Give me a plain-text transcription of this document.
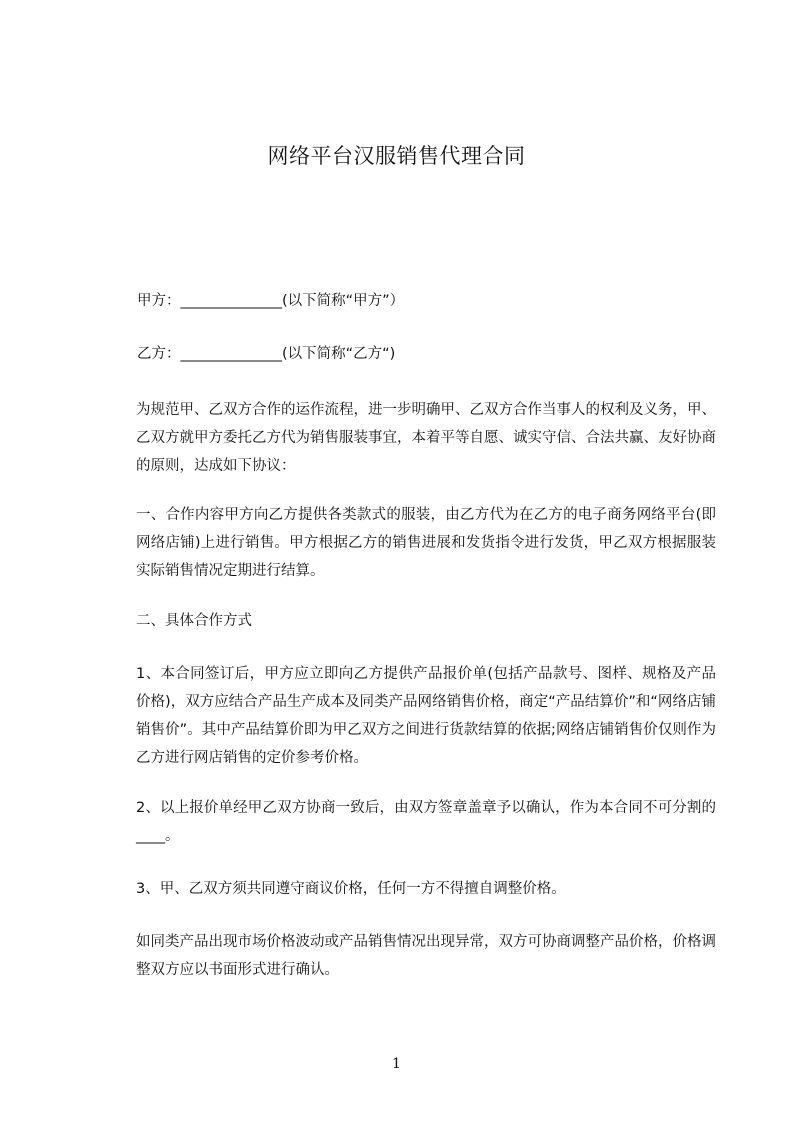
网络平台汉服销售代理合同
甲方：______________(以下简称“甲方”）
乙方：______________(以下简称“乙方“)

为规范甲、乙双方合作的运作流程，进一步明确甲、乙双方合作当事人的权利及义务，甲、乙双方就甲方委托乙方代为销售服装事宜，本着平等自愿、诚实守信、合法共赢、友好协商的原则，达成如下协议：

一、合作内容甲方向乙方提供各类款式的服装，由乙方代为在乙方的电子商务网络平台(即网络店铺)上进行销售。甲方根据乙方的销售进展和发货指令进行发货，甲乙双方根据服装实际销售情况定期进行结算。

二、具体合作方式

1、本合同签订后，甲方应立即向乙方提供产品报价单(包括产品款号、图样、规格及产品价格)，双方应结合产品生产成本及同类产品网络销售价格，商定“产品结算价”和“网络店铺销售价”。其中产品结算价即为甲乙双方之间进行货款结算的依据;网络店铺销售价仅则作为乙方进行网店销售的定价参考价格。

2、以上报价单经甲乙双方协商一致后，由双方签章盖章予以确认，作为本合同不可分割的____。

3、甲、乙双方须共同遵守商议价格，任何一方不得擅自调整价格。

如同类产品出现市场价格波动或产品销售情况出现异常，双方可协商调整产品价格，价格调整双方应以书面形式进行确认。

1
